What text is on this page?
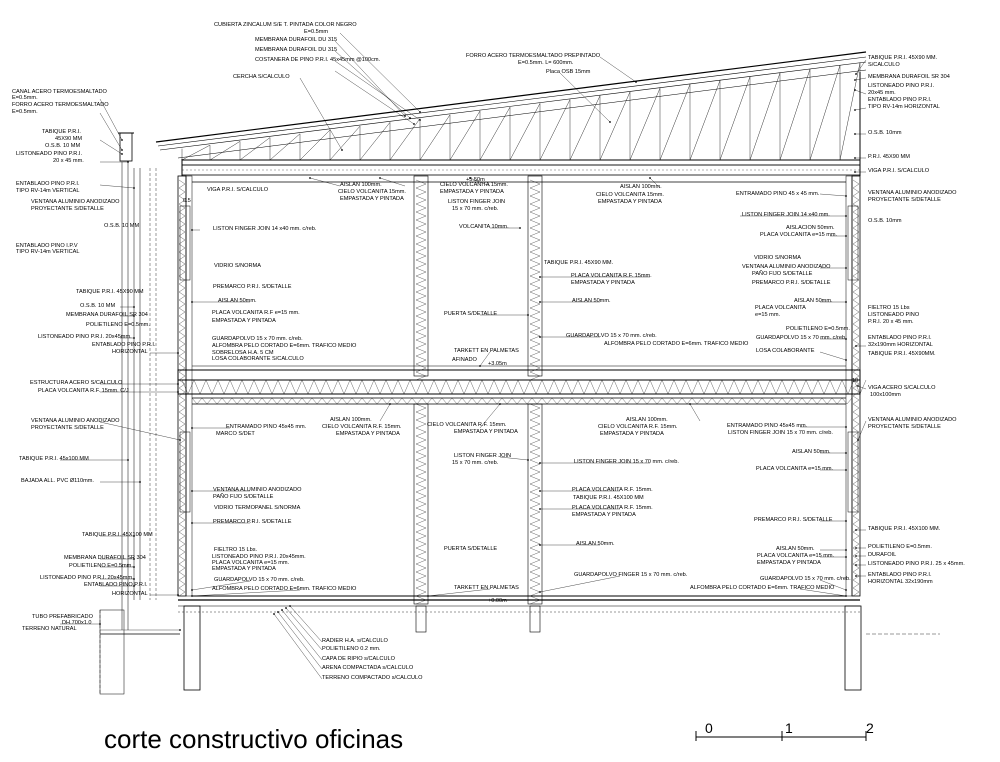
CUBIERTA ZINCALUM S/E T. PINTADA COLOR NEGRO
E=0.5mm
MEMBRANA DURAFOIL DU 315
MEMBRANA DURAFOIL DU 315
COSTANERA DE PINO P.R.I. 45x45mm @100cm.
CERCHA S/CALCULO
FORRO ACERO TERMOESMALTADO PREPINTADO
E=0.5mm. L= 600mm.
Placa OSB 15mm
TABIQUE P.R.I. 45X90 MM.
S/CALCULO
MEMBRANA DURAFOIL SR 304
LISTONEADO PINO P.R.I.
20x45 mm.
ENTABLADO PINO P.R.I.
TIPO RV-14m HORIZONTAL
O.S.B. 10mm
P.R.I. 45X90 MM
VIGA P.R.I. S/CALCULO
CANAL ACERO TERMOESMALTADO
E=0.5mm.
FORRO ACERO TERMOESMALTADO
E=0.5mm.
TABIQUE P.R.I.
45X90 MM
O.S.B. 10 MM
LISTONEADO PINO P.R.I.
20 x 45 mm.
ENTABLADO PINO P.R.I.
TIPO RV-14m VERTICAL	VIGA P.R.I. S/CALCULO
AISLAN 100mm.
CIELO VOLCANITA 15mm.
EMPASTADA Y PINTADA
CIELO VOLCANITA 15mm.
EMPASTADA Y PINTADA
LISTON FINGER JOIN
15 x 70 mm. c/reb.
AISLAN 100mm.
CIELO VOLCANITA 15mm.
EMPASTADA Y PINTADA
ENTRAMADO PINO 45 x 45 mm.
VENTANA ALUMINIO ANODIZADO
PROYECTANTE S/DETALLE
VENTANA ALUMINIO ANODIZADO
PROYECTANTE S/DETALLE
LISTON FINGER JOIN 14 x40 mm.
O.S.B. 10mm
O.S.B. 10 MM	LISTON FINGER JOIN 14 x40 mm. c/reb.	VOLCANITA 10mm.	AISLACION 50mm.
PLACA VOLCANITA e=15 mm.
ENTABLADO PINO I.P.V
TIPO RV-14m VERTICAL
VIDRIO S/NORMA	TABIQUE P.R.I. 45X90 MM.
VIDRIO S/NORMA
VENTANA ALUMINIO ANODIZADO
PAÑO FIJO S/DETALLE
PLACA VOLCANITA R.F. 15mm.
EMPASTADA Y PINTADA	PREMARCO P.R.I. S/DETALLE
TABIQUE P.R.I. 45X90 MM
PREMARCO P.R.I. S/DETALLE
AISLAN 50mm.
AISLAN 50mm.	AISLAN 50mm.
O.S.B. 10 MM
MEMBRANA DURAFOIL SR 304	PLACA VOLCANITA R.F e=15 mm.
EMPASTADA Y PINTADA
PUERTA S/DETALLE
PLACA VOLCANITA
e=15 mm.
FIELTRO 15 Lbs
LISTONEADO PINO
P.R.I. 20 x 45 mm.
POLIETILENO E=0.5mm.
POLIETILENO E=0.5mm.
LISTONEADO PINO P.R.I. 20x45mm.
ENTABLADO PINO P.R.I.
HORIZONTAL
GUARDAPOLVO 15 x 70 mm. c/reb.
ALFOMBRA PELO CORTADO E=6mm. TRAFICO MEDIO
SOBRELOSA H.A. 5 CM
LOSA COLABORANTE S/CALCULO
GUARDAPOLVO 15 x 70 mm. c/reb.	GUARDAPOLVO 15 x 70 mm. c/reb.
ALFOMBRA PELO CORTADO E=6mm. TRAFICO MEDIO
LOSA COLABORANTE
ENTABLADO PINO P.R.I.
32x190mm HORIZONTAL
TABIQUE P.R.I. 45X90MM.
TARKETT EN PALMETAS
AFINADO
ESTRUCTURA ACERO S/CALCULO
PLACA VOLCANITA R.F. 15mm. C/J	VIGA ACERO S/CALCULO
100x100mm
VENTANA ALUMINIO ANODIZADO
PROYECTANTE S/DETALLE	ENTRAMADO PINO 45x45 mm.
MARCO S/DET
AISLAN 100mm.
CIELO VOLCANITA R.F. 15mm.
EMPASTADA Y PINTADA
CIELO VOLCANITA R.F. 15mm.
EMPASTADA Y PINTADA
AISLAN 100mm.
CIELO VOLCANITA R.F. 15mm.
EMPASTADA Y PINTADA
ENTRAMADO PINO 45x45 mm.
LISTON FINGER JOIN 15 x 70 mm. c/reb.
VENTANA ALUMINIO ANODIZADO
PROYECTANTE S/DETALLE
TABIQUE P.R.I. 45x100 MM	LISTON FINGER JOIN
15 x 70 mm. c/reb.
AISLAN 50mm.
LISTON FINGER JOIN 15 x 70 mm. c/reb.
PLACA VOLCANITA e=15 mm.
BAJADA ALL. PVC Ø110mm.
VENTANA ALUMINIO ANODIZADO
PAÑO FIJO S/DETALLE
PLACA VOLCANITA R.F. 15mm.
TABIQUE P.R.I. 45X100 MM
VIDRIO TERMOPANEL S/NORMA	PLACA VOLCANITA R.F. 15mm.
EMPASTADA Y PINTADA
PREMARCO P.R.I. S/DETALLE	PREMARCO P.R.I. S/DETALLE
TABIQUE P.R.I. 45X100 MM
TABIQUE P.R.I. 45X100 MM.
AISLAN 50mm.
FIELTRO 15 Lbs.
LISTONEADO PINO P.R.I. 20x45mm.
PLACA VOLCANITA e=15 mm.
EMPASTADA Y PINTADA
PUERTA S/DETALLE	AISLAN 50mm.	POLIETILENO E=0.5mm.
MEMBRANA DURAFOIL SR 304
POLIETILENO E=0.5mm.
PLACA VOLCANITA e=15 mm.
EMPASTADA Y PINTADA
DURAFOIL
LISTONEADO PINO P.R.I. 25 x 45mm.
LISTONEADO PINO P.R.I. 20x45mm.	GUARDAPOLVO 15 x 70 mm. c/reb.
GUARDAPOLVO FINGER 15 x 70 mm. c/reb.
GUARDAPOLVO 15 x 70 mm. c/reb.
ALFOMBRA PELO CORTADO E=6mm. TRAFICO MEDIO	TARKETT EN PALMETAS	ALFOMBRA PELO CORTADO E=6mm. TRAFICO MEDIO
ENTABLADO PINO P.R.I.
HORIZONTAL
ENTABLADO PINO P.R.I.
HORIZONTAL 32x190mm
TUBO PREFABRICADO
DH.700x1.0
TERRENO NATURAL
RADIER H.A. s/CALCULO
POLIETILENO 0.2 mm.
CAPA DE RIPIO s/CALCULO
ARENA COMPACTADA s/CALCULO
TERRENO COMPACTADO s/CALCULO
0.5
10
corte constructivo oficinas	0	1	2
+5.50m
+3.05m
+0.00m
